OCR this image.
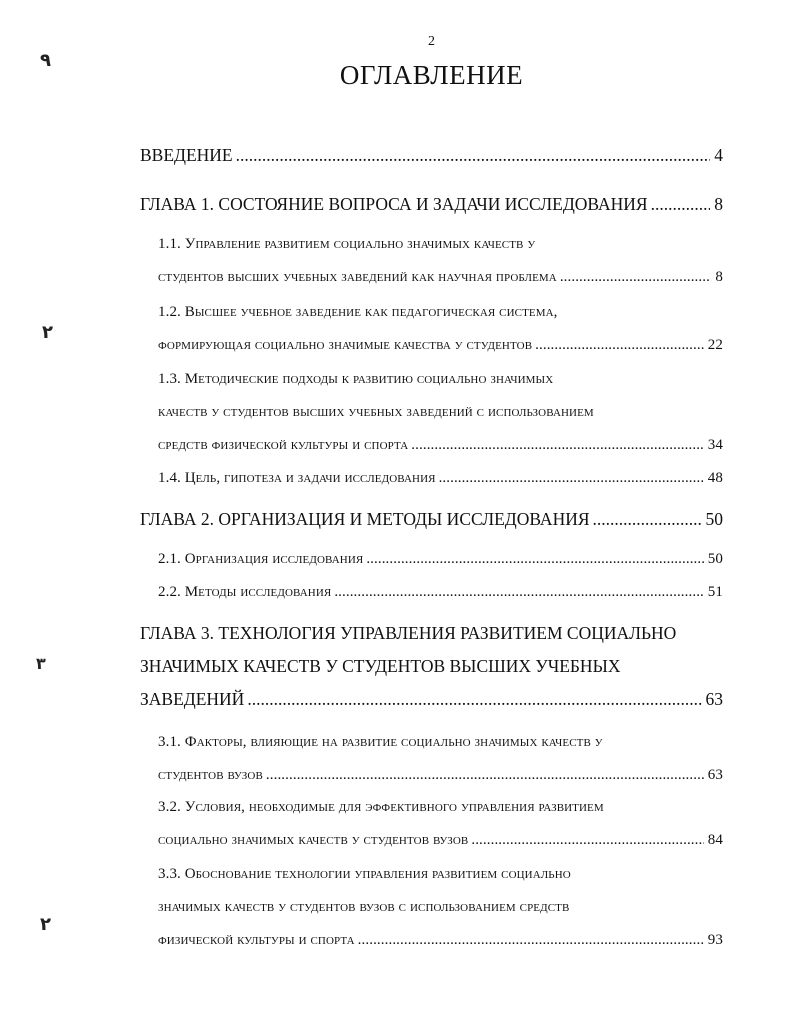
2
ОГЛАВЛЕНИЕ
٩
٢
٣
٢
ВВЕДЕНИЕ .....	4
ГЛАВА 1. СОСТОЯНИЕ ВОПРОСА И ЗАДАЧИ ИССЛЕДОВАНИЯ .....	8
1.1. Управление развитием социально значимых качеств у
студентов высших учебных заведений как научная проблема .....	8
1.2. Высшее учебное заведение как педагогическая система,
формирующая социально значимые качества у студентов .....	22
1.3. Методические подходы к развитию социально значимых
качеств у студентов высших учебных заведений с использованием
средств физической культуры и спорта .....	34
1.4. Цель, гипотеза и задачи исследования .....	48
ГЛАВА 2. ОРГАНИЗАЦИЯ И МЕТОДЫ ИССЛЕДОВАНИЯ .....	50
2.1. Организация исследования .....	50
2.2. Методы исследования .....	51
ГЛАВА 3. ТЕХНОЛОГИЯ УПРАВЛЕНИЯ РАЗВИТИЕМ СОЦИАЛЬНО
ЗНАЧИМЫХ КАЧЕСТВ У СТУДЕНТОВ ВЫСШИХ УЧЕБНЫХ
ЗАВЕДЕНИЙ .....	63
3.1. Факторы, влияющие на развитие социально значимых качеств у
студентов вузов .....	63
3.2. Условия, необходимые для эффективного управления развитием
социально значимых качеств у студентов вузов .....	84
3.3. Обоснование технологии управления развитием социально
значимых качеств у студентов вузов с использованием средств
физической культуры и спорта .....	93
